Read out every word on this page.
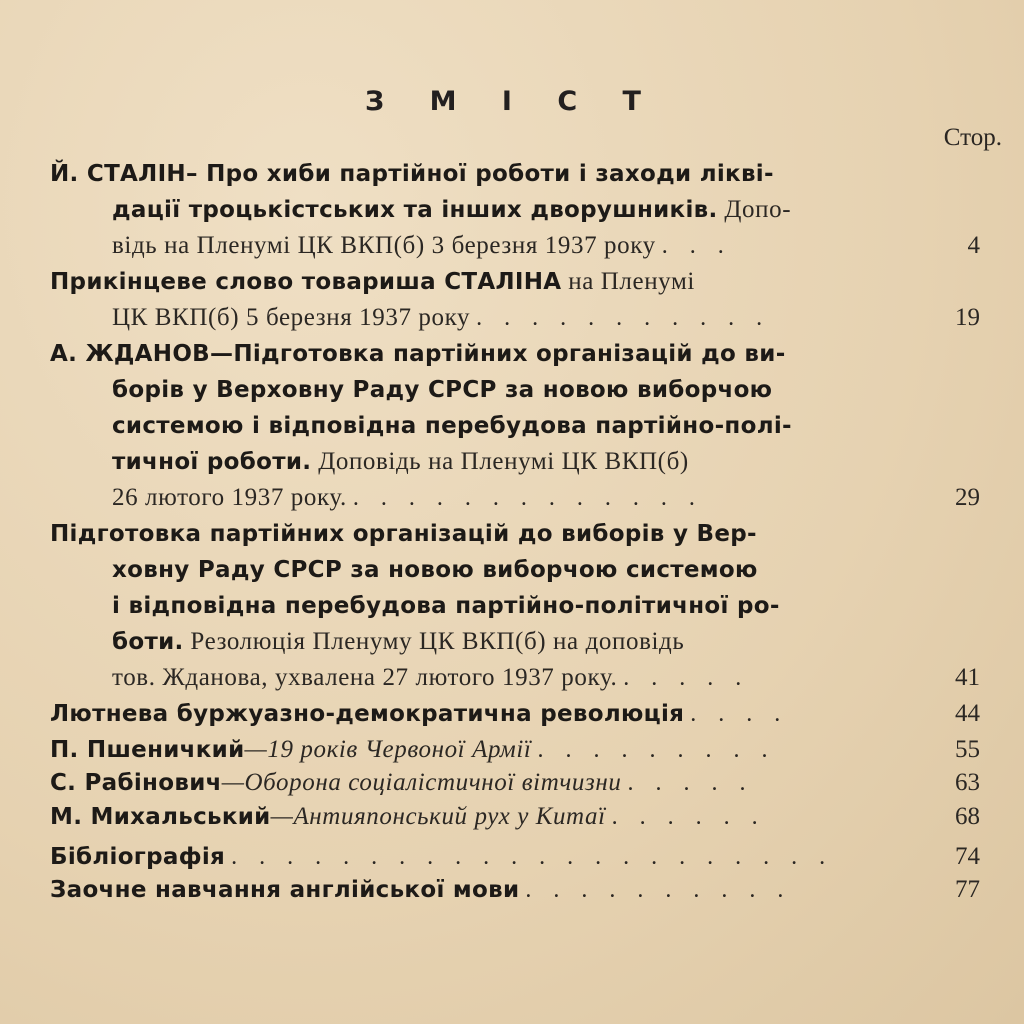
З М І С Т
Стор.
Й. СТАЛІН– Про хиби партійної роботи і заходи ліквi-
дації троцькістських та інших дворушників. Допо-
відь на Пленумі ЦК ВКП(б) 3 березня 1937 року . . .	4
Прикінцеве слово товариша СТАЛІНА на Пленумі
ЦК ВКП(б) 5 березня 1937 року . . . . . . . . . . .	19
А. ЖДАНОВ—Підготовка партійних організацій до ви-
борів у Верховну Раду СРСР за новою виборчою
системою і відповідна перебудова партійно-полі-
тичної роботи. Доповідь на Пленумі ЦК ВКП(б)
26 лютого 1937 року. . . . . . . . . . . . . .	29
Підготовка партійних організацій до виборів у Вер-
ховну Раду СРСР за новою виборчою системою
і відповідна перебудова партійно-політичної ро-
боти. Резолюція Пленуму ЦК ВКП(б) на доповідь
тов. Жданова, ухвалена 27 лютого 1937 року. . . . . .	41
Лютнева буржуазно-демократична революція . . . .	44
П. Пшеничкий—19 років Червоної Армії . . . . . . . . .	55
С. Рабінович—Оборона соціалістичної вітчизни . . . . .	63
М. Михальський—Антияпонський рух у Китаї . . . . . .	68
Бібліографія . . . . . . . . . . . . . . . . . . . . . .	74
Заочне навчання англійської мови . . . . . . . . . .	77
